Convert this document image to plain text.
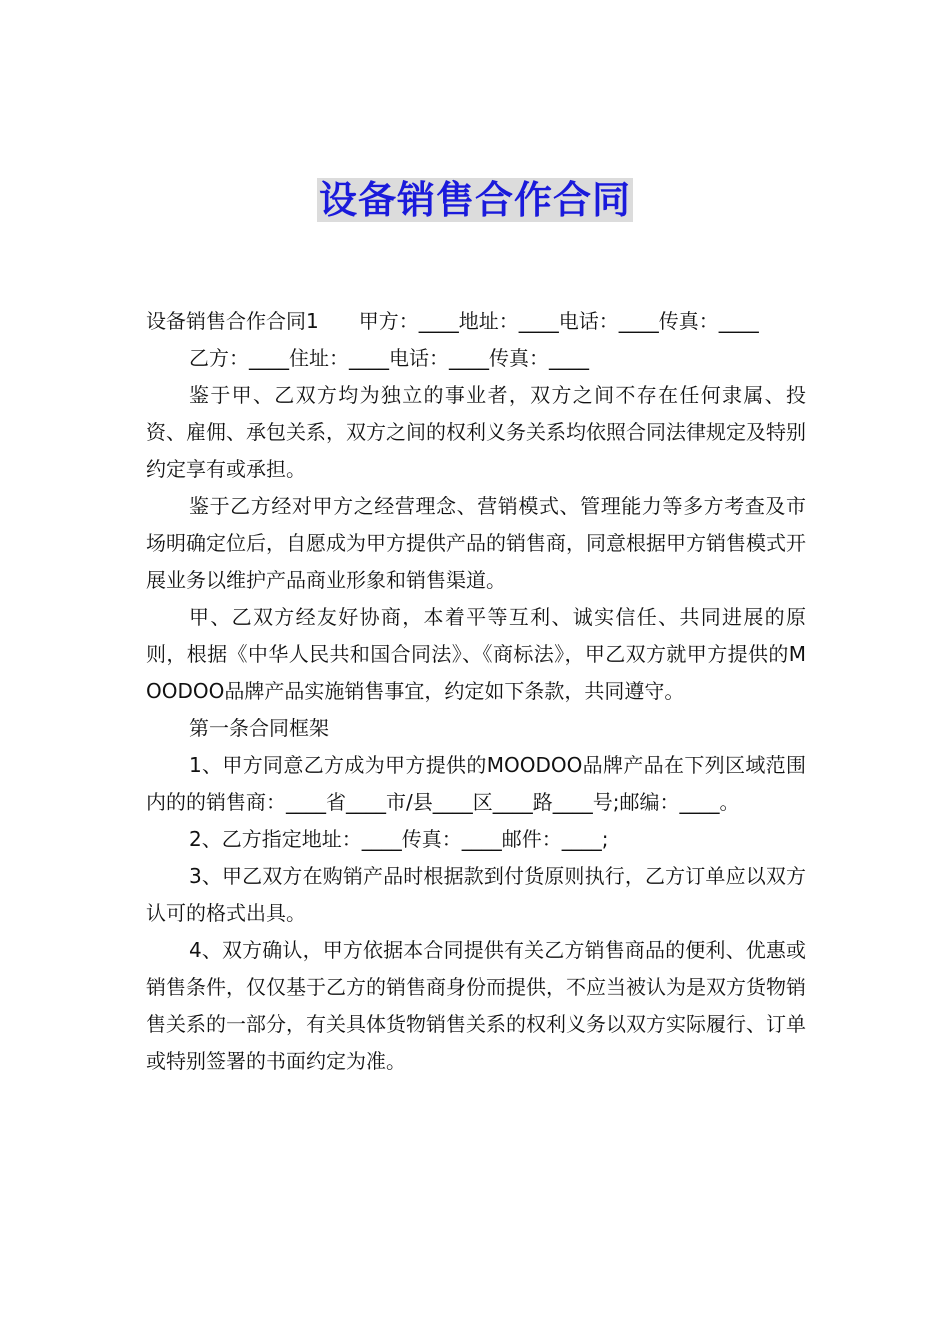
设备销售合作合同

设备销售合作合同1　　甲方：____地址：____电话：____传真：____

乙方：____住址：____电话：____传真：____

鉴于甲、乙双方均为独立的事业者，双方之间不存在任何隶属、投资、雇佣、承包关系，双方之间的权利义务关系均依照合同法律规定及特别约定享有或承担。

鉴于乙方经对甲方之经营理念、营销模式、管理能力等多方考查及市场明确定位后，自愿成为甲方提供产品的销售商，同意根据甲方销售模式开展业务以维护产品商业形象和销售渠道。

甲、乙双方经友好协商，本着平等互利、诚实信任、共同进展的原则，根据《中华人民共和国合同法》、《商标法》，甲乙双方就甲方提供的MOODOO品牌产品实施销售事宜，约定如下条款，共同遵守。

第一条合同框架

1、甲方同意乙方成为甲方提供的MOODOO品牌产品在下列区域范围内的的销售商：____省____市/县____区____路____号;邮编：____。

2、乙方指定地址：____传真：____邮件：____;

3、甲乙双方在购销产品时根据款到付货原则执行，乙方订单应以双方认可的格式出具。

4、双方确认，甲方依据本合同提供有关乙方销售商品的便利、优惠或销售条件，仅仅基于乙方的销售商身份而提供，不应当被认为是双方货物销售关系的一部分，有关具体货物销售关系的权利义务以双方实际履行、订单或特别签署的书面约定为准。
